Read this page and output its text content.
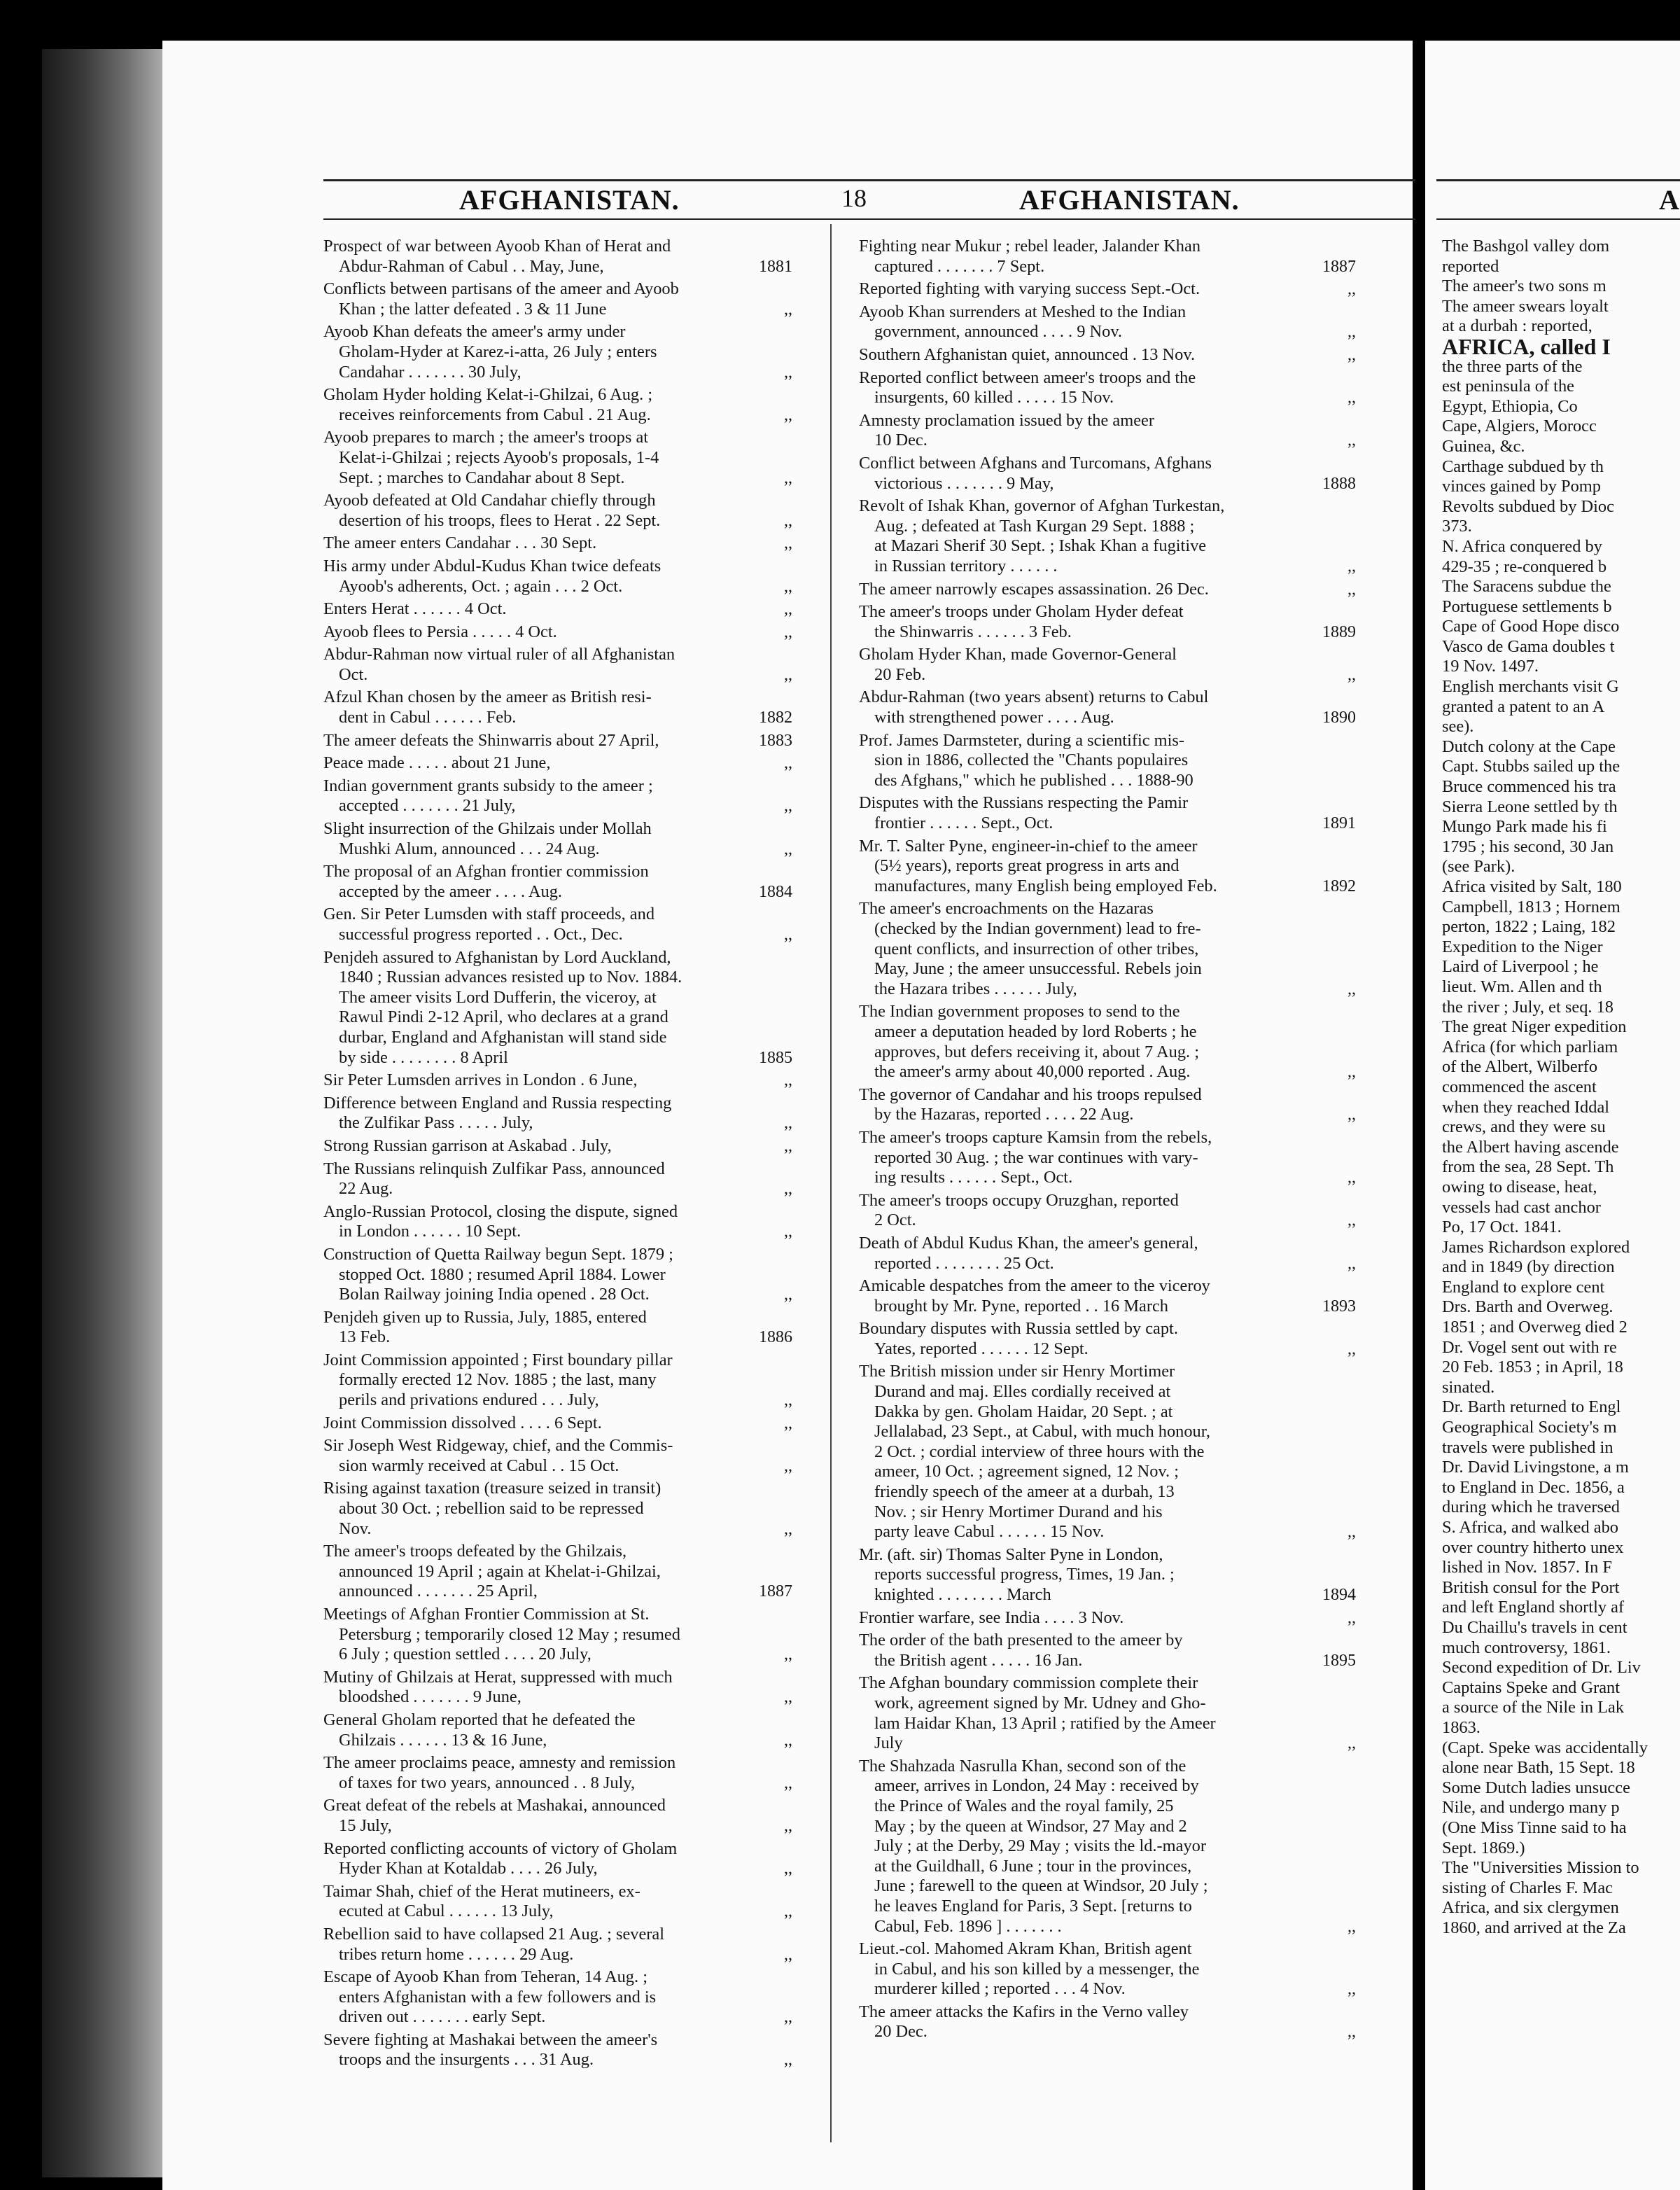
AFGHANISTAN.	18	AFGHANISTAN.	A
Prospect of war between Ayoob Khan of Herat and
Abdur-Rahman of Cabul . . May, June,	1881
Conflicts between partisans of the ameer and Ayoob
Khan ; the latter defeated . 3 & 11 June	,,
Ayoob Khan defeats the ameer's army under
Gholam-Hyder at Karez-i-atta, 26 July ; enters
Candahar . . . . . . . 30 July,	,,
Gholam Hyder holding Kelat-i-Ghilzai, 6 Aug. ;
receives reinforcements from Cabul . 21 Aug.	,,
Ayoob prepares to march ; the ameer's troops at
Kelat-i-Ghilzai ; rejects Ayoob's proposals, 1-4
Sept. ; marches to Candahar about 8 Sept.	,,
Ayoob defeated at Old Candahar chiefly through
desertion of his troops, flees to Herat . 22 Sept.	,,
The ameer enters Candahar . . . 30 Sept.	,,
His army under Abdul-Kudus Khan twice defeats
Ayoob's adherents, Oct. ; again . . . 2 Oct.	,,
Enters Herat . . . . . . 4 Oct.	,,
Ayoob flees to Persia . . . . . 4 Oct.	,,
Abdur-Rahman now virtual ruler of all Afghanistan
Oct.	,,
Afzul Khan chosen by the ameer as British resi-
dent in Cabul . . . . . . Feb.	1882
The ameer defeats the Shinwarris about 27 April,	1883
Peace made . . . . . about 21 June,	,,
Indian government grants subsidy to the ameer ;
accepted . . . . . . . 21 July,	,,
Slight insurrection of the Ghilzais under Mollah
Mushki Alum, announced . . . 24 Aug.	,,
The proposal of an Afghan frontier commission
accepted by the ameer . . . . Aug.	1884
Gen. Sir Peter Lumsden with staff proceeds, and
successful progress reported . . Oct., Dec.	,,
Penjdeh assured to Afghanistan by Lord Auckland,
1840 ; Russian advances resisted up to Nov. 1884.
The ameer visits Lord Dufferin, the viceroy, at
Rawul Pindi 2-12 April, who declares at a grand
durbar, England and Afghanistan will stand side
by side . . . . . . . . 8 April	1885
Sir Peter Lumsden arrives in London . 6 June,	,,
Difference between England and Russia respecting
the Zulfikar Pass . . . . . July,	,,
Strong Russian garrison at Askabad . July,	,,
The Russians relinquish Zulfikar Pass, announced
22 Aug.	,,
Anglo-Russian Protocol, closing the dispute, signed
in London . . . . . . 10 Sept.	,,
Construction of Quetta Railway begun Sept. 1879 ;
stopped Oct. 1880 ; resumed April 1884. Lower
Bolan Railway joining India opened . 28 Oct.	,,
Penjdeh given up to Russia, July, 1885, entered
13 Feb.	1886
Joint Commission appointed ; First boundary pillar
formally erected 12 Nov. 1885 ; the last, many
perils and privations endured . . . July,	,,
Joint Commission dissolved . . . . 6 Sept.	,,
Sir Joseph West Ridgeway, chief, and the Commis-
sion warmly received at Cabul . . 15 Oct.	,,
Rising against taxation (treasure seized in transit)
about 30 Oct. ; rebellion said to be repressed
Nov.	,,
The ameer's troops defeated by the Ghilzais,
announced 19 April ; again at Khelat-i-Ghilzai,
announced . . . . . . . 25 April,	1887
Meetings of Afghan Frontier Commission at St.
Petersburg ; temporarily closed 12 May ; resumed
6 July ; question settled . . . . 20 July,	,,
Mutiny of Ghilzais at Herat, suppressed with much
bloodshed . . . . . . . 9 June,	,,
General Gholam reported that he defeated the
Ghilzais . . . . . . 13 & 16 June,	,,
The ameer proclaims peace, amnesty and remission
of taxes for two years, announced . . 8 July,	,,
Great defeat of the rebels at Mashakai, announced
15 July,	,,
Reported conflicting accounts of victory of Gholam
Hyder Khan at Kotaldab . . . . 26 July,	,,
Taimar Shah, chief of the Herat mutineers, ex-
ecuted at Cabul . . . . . . 13 July,	,,
Rebellion said to have collapsed 21 Aug. ; several
tribes return home . . . . . . 29 Aug.	,,
Escape of Ayoob Khan from Teheran, 14 Aug. ;
enters Afghanistan with a few followers and is
driven out . . . . . . . early Sept.	,,
Severe fighting at Mashakai between the ameer's
troops and the insurgents . . . 31 Aug.	,,
Fighting near Mukur ; rebel leader, Jalander Khan
captured . . . . . . . 7 Sept.	1887
Reported fighting with varying success Sept.-Oct.	,,
Ayoob Khan surrenders at Meshed to the Indian
government, announced . . . . 9 Nov.	,,
Southern Afghanistan quiet, announced . 13 Nov.	,,
Reported conflict between ameer's troops and the
insurgents, 60 killed . . . . . 15 Nov.	,,
Amnesty proclamation issued by the ameer
10 Dec.	,,
Conflict between Afghans and Turcomans, Afghans
victorious . . . . . . . 9 May,	1888
Revolt of Ishak Khan, governor of Afghan Turkestan,
Aug. ; defeated at Tash Kurgan 29 Sept. 1888 ;
at Mazari Sherif 30 Sept. ; Ishak Khan a fugitive
in Russian territory . . . . . .	,,
The ameer narrowly escapes assassination. 26 Dec.	,,
The ameer's troops under Gholam Hyder defeat
the Shinwarris . . . . . . 3 Feb.	1889
Gholam Hyder Khan, made Governor-General
20 Feb.	,,
Abdur-Rahman (two years absent) returns to Cabul
with strengthened power . . . . Aug.	1890
Prof. James Darmsteter, during a scientific mis-
sion in 1886, collected the "Chants populaires
des Afghans," which he published . . . 1888-90
Disputes with the Russians respecting the Pamir
frontier . . . . . . Sept., Oct.	1891
Mr. T. Salter Pyne, engineer-in-chief to the ameer
(5½ years), reports great progress in arts and
manufactures, many English being employed Feb.	1892
The ameer's encroachments on the Hazaras
(checked by the Indian government) lead to fre-
quent conflicts, and insurrection of other tribes,
May, June ; the ameer unsuccessful. Rebels join
the Hazara tribes . . . . . . July,	,,
The Indian government proposes to send to the
ameer a deputation headed by lord Roberts ; he
approves, but defers receiving it, about 7 Aug. ;
the ameer's army about 40,000 reported . Aug.	,,
The governor of Candahar and his troops repulsed
by the Hazaras, reported . . . . 22 Aug.	,,
The ameer's troops capture Kamsin from the rebels,
reported 30 Aug. ; the war continues with vary-
ing results . . . . . . Sept., Oct.	,,
The ameer's troops occupy Oruzghan, reported
2 Oct.	,,
Death of Abdul Kudus Khan, the ameer's general,
reported . . . . . . . . 25 Oct.	,,
Amicable despatches from the ameer to the viceroy
brought by Mr. Pyne, reported . . 16 March	1893
Boundary disputes with Russia settled by capt.
Yates, reported . . . . . . 12 Sept.	,,
The British mission under sir Henry Mortimer
Durand and maj. Elles cordially received at
Dakka by gen. Gholam Haidar, 20 Sept. ; at
Jellalabad, 23 Sept., at Cabul, with much honour,
2 Oct. ; cordial interview of three hours with the
ameer, 10 Oct. ; agreement signed, 12 Nov. ;
friendly speech of the ameer at a durbah, 13
Nov. ; sir Henry Mortimer Durand and his
party leave Cabul . . . . . . 15 Nov.	,,
Mr. (aft. sir) Thomas Salter Pyne in London,
reports successful progress, Times, 19 Jan. ;
knighted . . . . . . . . March	1894
Frontier warfare, see India . . . . 3 Nov.	,,
The order of the bath presented to the ameer by
the British agent . . . . . 16 Jan.	1895
The Afghan boundary commission complete their
work, agreement signed by Mr. Udney and Gho-
lam Haidar Khan, 13 April ; ratified by the Ameer
July	,,
The Shahzada Nasrulla Khan, second son of the
ameer, arrives in London, 24 May : received by
the Prince of Wales and the royal family, 25
May ; by the queen at Windsor, 27 May and 2
July ; at the Derby, 29 May ; visits the ld.-mayor
at the Guildhall, 6 June ; tour in the provinces,
June ; farewell to the queen at Windsor, 20 July ;
he leaves England for Paris, 3 Sept. [returns to
Cabul, Feb. 1896 ] . . . . . . .	,,
Lieut.-col. Mahomed Akram Khan, British agent
in Cabul, and his son killed by a messenger, the
murderer killed ; reported . . . 4 Nov.	,,
The ameer attacks the Kafirs in the Verno valley
20 Dec.	,,
The Bashgol valley dom
reported
The ameer's two sons m
The ameer swears loyalt
at a durbah : reported,
AFRICA, called I
the three parts of the
est peninsula of the
Egypt, Ethiopia, Co
Cape, Algiers, Morocc
Guinea, &c.
Carthage subdued by th
vinces gained by Pomp
Revolts subdued by Dioc
373.
N. Africa conquered by
429-35 ; re-conquered b
The Saracens subdue the
Portuguese settlements b
Cape of Good Hope disco
Vasco de Gama doubles t
19 Nov. 1497.
English merchants visit G
granted a patent to an A
see).
Dutch colony at the Cape
Capt. Stubbs sailed up the
Bruce commenced his tra
Sierra Leone settled by th
Mungo Park made his fi
1795 ; his second, 30 Jan
(see Park).
Africa visited by Salt, 180
Campbell, 1813 ; Hornem
perton, 1822 ; Laing, 182
Expedition to the Niger
Laird of Liverpool ; he
lieut. Wm. Allen and th
the river ; July, et seq. 18
The great Niger expedition
Africa (for which parliam
of the Albert, Wilberfo
commenced the ascent
when they reached Iddal
crews, and they were su
the Albert having ascende
from the sea, 28 Sept. Th
owing to disease, heat,
vessels had cast anchor
Po, 17 Oct. 1841.
James Richardson explored
and in 1849 (by direction
England to explore cent
Drs. Barth and Overweg.
1851 ; and Overweg died 2
Dr. Vogel sent out with re
20 Feb. 1853 ; in April, 18
sinated.
Dr. Barth returned to Engl
Geographical Society's m
travels were published in
Dr. David Livingstone, a m
to England in Dec. 1856, a
during which he traversed
S. Africa, and walked abo
over country hitherto unex
lished in Nov. 1857. In F
British consul for the Port
and left England shortly af
Du Chaillu's travels in cent
much controversy, 1861.
Second expedition of Dr. Liv
Captains Speke and Grant
a source of the Nile in Lak
1863.
(Capt. Speke was accidentally
alone near Bath, 15 Sept. 18
Some Dutch ladies unsucce
Nile, and undergo many p
(One Miss Tinne said to ha
Sept. 1869.)
The "Universities Mission to
sisting of Charles F. Mac
Africa, and six clergymen
1860, and arrived at the Za
